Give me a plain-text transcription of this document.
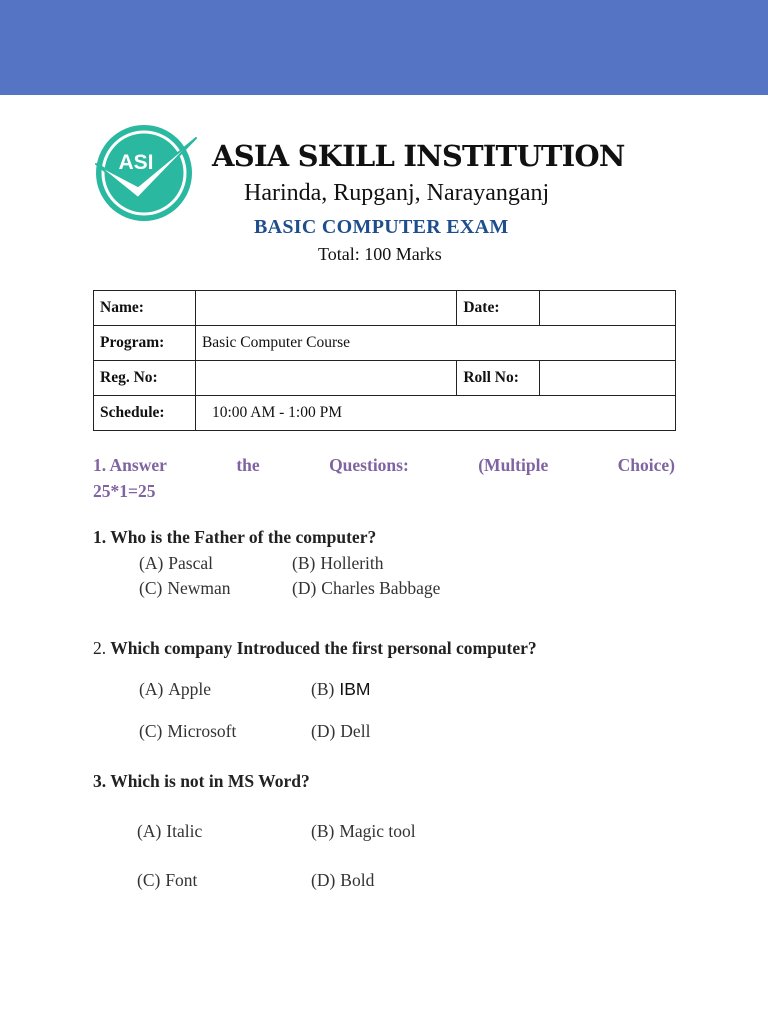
ASI ASIA SKILL INSTITUTION
Harinda, Rupganj, Narayanganj
BASIC COMPUTER EXAM
Total: 100 Marks
Name:		Date:	
Program:	Basic Computer Course		
Reg. No:		Roll No:	
Schedule:	10:00 AM - 1:00 PM		
1. Answer	the	Questions:	(Multiple	Choice)
25*1=25
1. Who is the Father of the computer?
(A) Pascal	(B) Hollerith
(C) Newman	(D) Charles Babbage
2. Which company Introduced the first personal computer?
(A) Apple	(B) IBM
(C) Microsoft	(D) Dell
3. Which is not in MS Word?
(A) Italic	(B) Magic tool
(C) Font	(D) Bold
